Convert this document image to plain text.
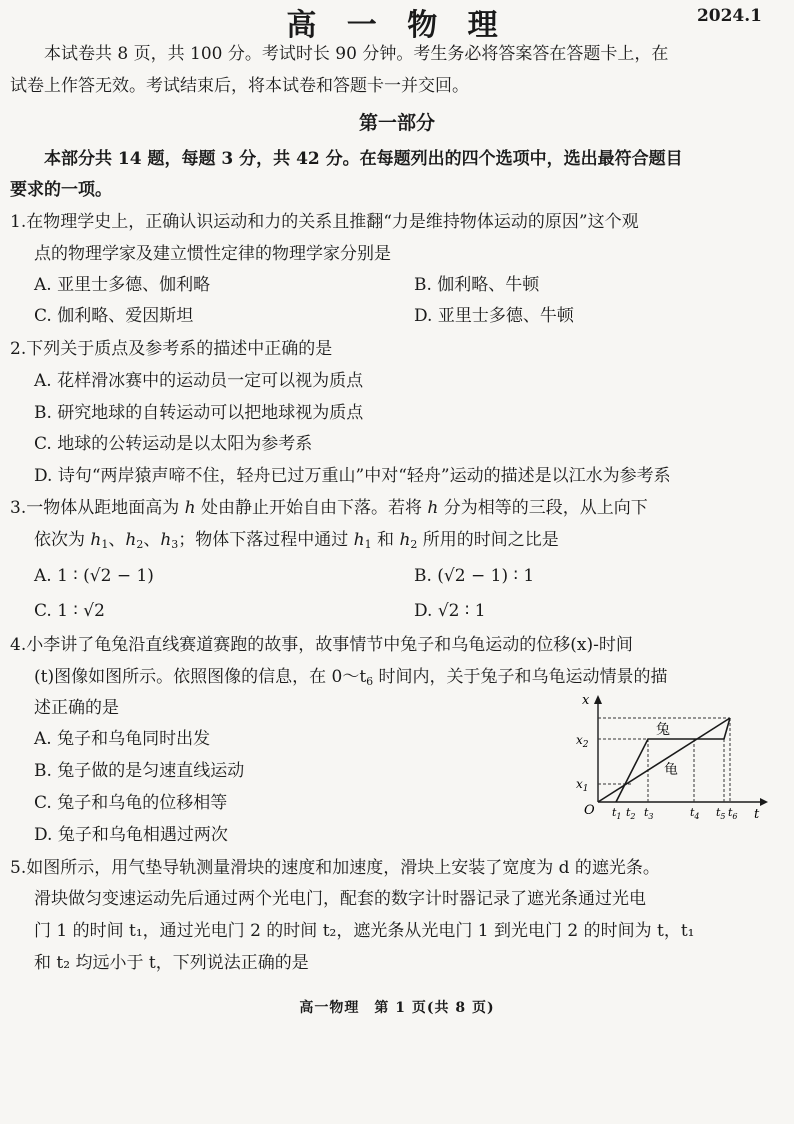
高 一 物 理	2024.1
本试卷共 8 页，共 100 分。考试时长 90 分钟。考生务必将答案答在答题卡上，在
试卷上作答无效。考试结束后，将本试卷和答题卡一并交回。
第一部分
本部分共 14 题，每题 3 分，共 42 分。在每题列出的四个选项中，选出最符合题目
要求的一项。
1.在物理学史上，正确认识运动和力的关系且推翻“力是维持物体运动的原因”这个观
点的物理学家及建立惯性定律的物理学家分别是
A. 亚里士多德、伽利略	B. 伽利略、牛顿
C. 伽利略、爱因斯坦	D. 亚里士多德、牛顿
2.下列关于质点及参考系的描述中正确的是
A. 花样滑冰赛中的运动员一定可以视为质点
B. 研究地球的自转运动可以把地球视为质点
C. 地球的公转运动是以太阳为参考系
D. 诗句“两岸猿声啼不住，轻舟已过万重山”中对“轻舟”运动的描述是以江水为参考系
3.一物体从距地面高为 h 处由静止开始自由下落。若将 h 分为相等的三段，从上向下
依次为 $h_1$、$h_2$、$h_3$；物体下落过程中通过 $h_1$ 和 $h_2$ 所用的时间之比是
A. 1 ∶ (√2 − 1)	B. (√2 − 1) ∶ 1
C. 1 ∶ √2	D. √2 ∶ 1
4.小李讲了龟兔沿直线赛道赛跑的故事，故事情节中兔子和乌龟运动的位移(x)-时间
(t)图像如图所示。依照图像的信息，在 $0\sim t_6$ 时间内，关于兔子和乌龟运动情景的描
述正确的是
A. 兔子和乌龟同时出发
B. 兔子做的是匀速直线运动
C. 兔子和乌龟的位移相等
D. 兔子和乌龟相遇过两次
x
t
O
$x_2$
$x_1$
兔
龟
$t_1$ $t_2$ $t_3$	$t_4$ $t_5$ $t_6$
5.如图所示，用气垫导轨测量滑块的速度和加速度，滑块上安装了宽度为 d 的遮光条。
滑块做匀变速运动先后通过两个光电门，配套的数字计时器记录了遮光条通过光电
门 1 的时间 t₁，通过光电门 2 的时间 t₂，遮光条从光电门 1 到光电门 2 的时间为 t，t₁
和 t₂ 均远小于 t，下列说法正确的是
高一物理　第 1 页(共 8 页)
